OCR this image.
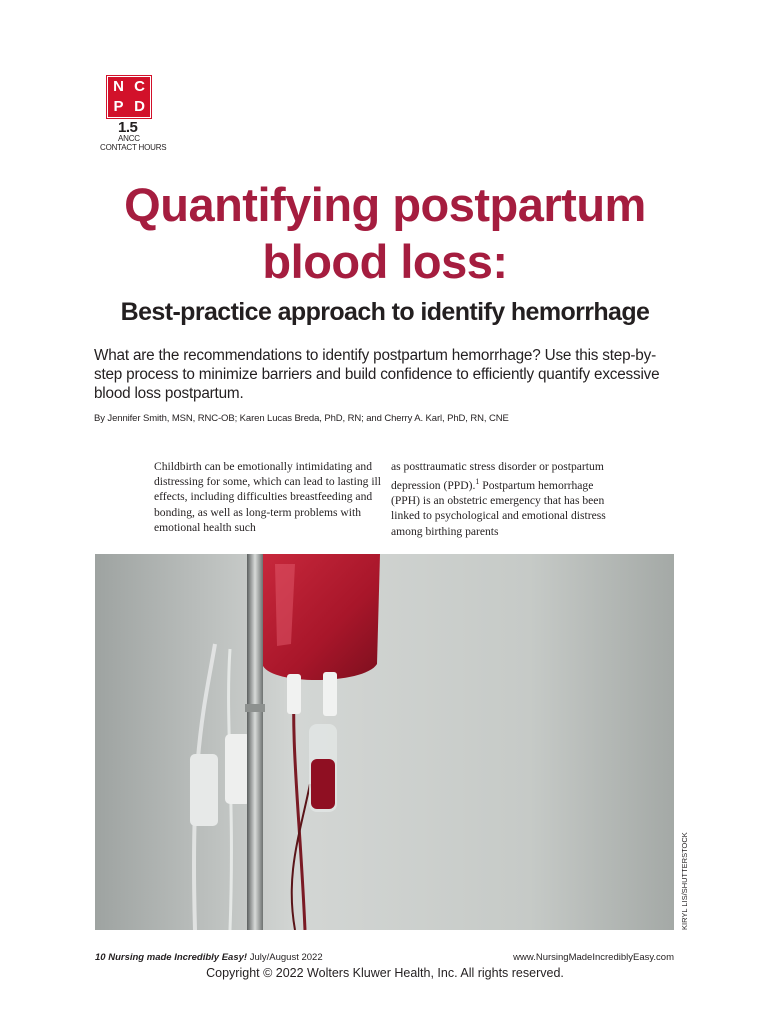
N C
P D
1.5
ANCC
CONTACT HOURS
Quantifying postpartum
blood loss:
Best-practice approach to identify hemorrhage
What are the recommendations to identify postpartum hemorrhage? Use this step-by-step process to minimize barriers and build confidence to efficiently quantify excessive blood loss postpartum.
By Jennifer Smith, MSN, RNC-OB; Karen Lucas Breda, PhD, RN; and Cherry A. Karl, PhD, RN, CNE

Childbirth can be emotionally intimidating and distressing for some, which can lead to lasting ill effects, including difficulties breastfeeding and bonding, as well as long-term problems with emotional health such

as posttraumatic stress disorder or postpartum depression (PPD).$^1$ Postpartum hemorrhage (PPH) is an obstetric emergency that has been linked to psychological and emotional distress among birthing parents

KIRYL LIS/SHUTTERSTOCK
10 Nursing made Incredibly Easy! July/August 2022	www.NursingMadeIncrediblyEasy.com
Copyright © 2022 Wolters Kluwer Health, Inc. All rights reserved.
